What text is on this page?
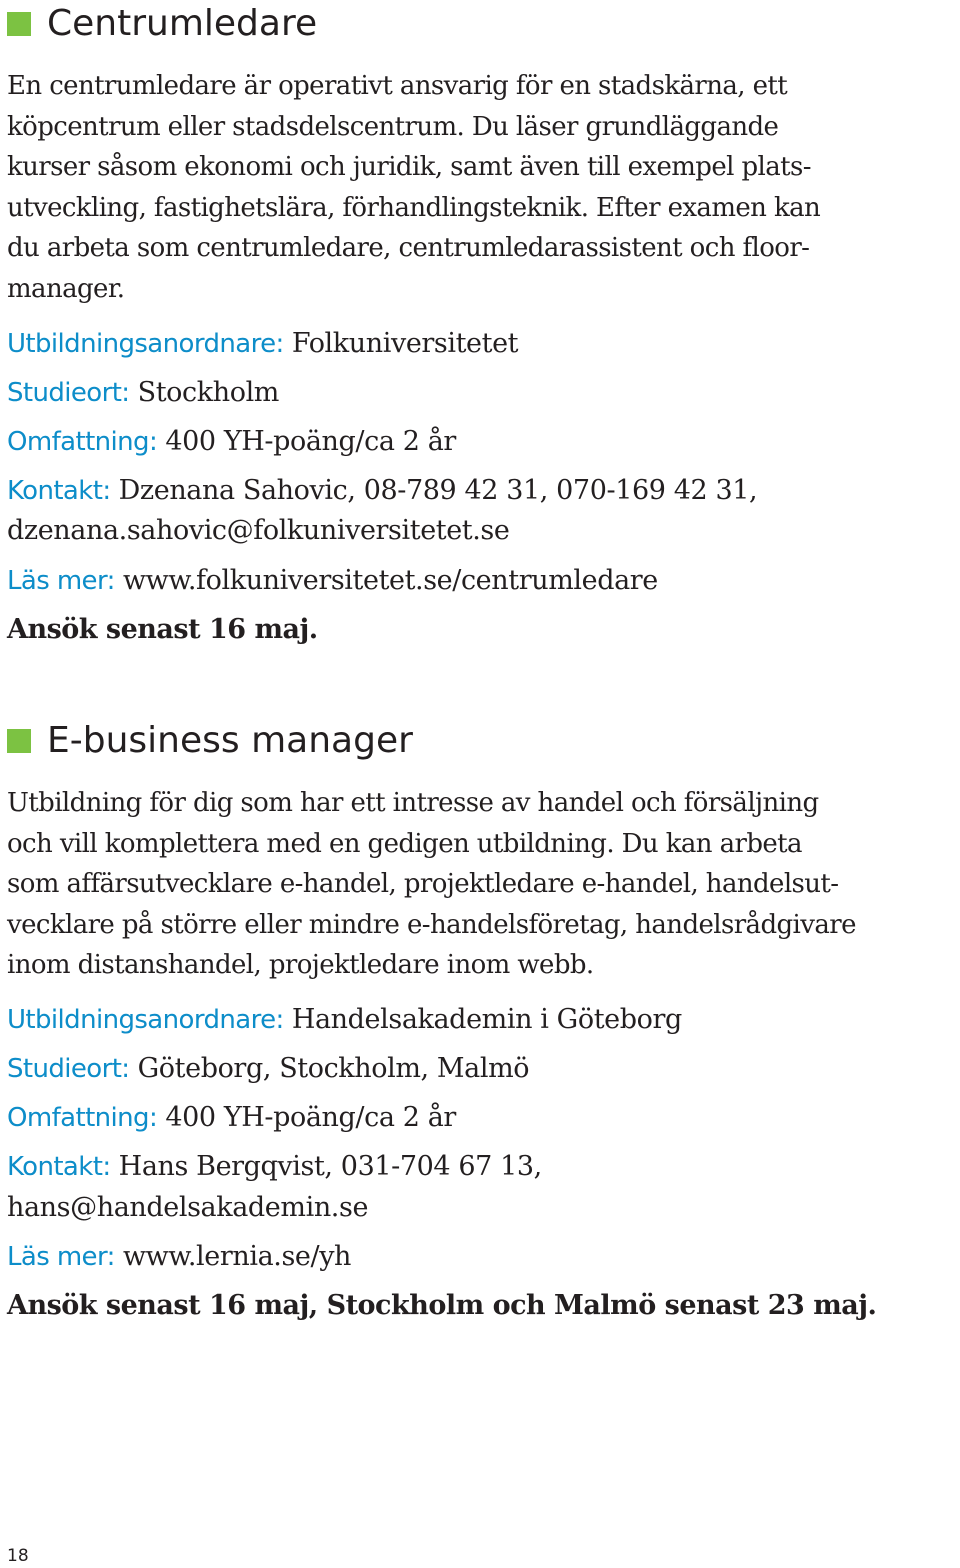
Centrumledare
En centrumledare är operativt ansvarig för en stadskärna, ett
köpcentrum eller stadsdelscentrum. Du läser grundläggande
kurser såsom ekonomi och juridik, samt även till exempel plats-
utveckling, fastighetslära, förhandlingsteknik. Efter examen kan
du arbeta som centrumledare, centrumledarassistent och floor-
manager.
Utbildningsanordnare: Folkuniversitetet
Studieort: Stockholm
Omfattning: 400 YH-poäng/ca 2 år
Kontakt: Dzenana Sahovic, 08-789 42 31, 070-169 42 31,
dzenana.sahovic@folkuniversitetet.se
Läs mer: www.folkuniversitetet.se/centrumledare
Ansök senast 16 maj.
E-business manager
Utbildning för dig som har ett intresse av handel och försäljning
och vill komplettera med en gedigen utbildning. Du kan arbeta
som affärsutvecklare e-handel, projektledare e-handel, handelsut-
vecklare på större eller mindre e-handelsföretag, handelsrådgivare
inom distanshandel, projektledare inom webb.
Utbildningsanordnare: Handelsakademin i Göteborg
Studieort: Göteborg, Stockholm, Malmö
Omfattning: 400 YH-poäng/ca 2 år
Kontakt: Hans Bergqvist, 031-704 67 13,
hans@handelsakademin.se
Läs mer: www.lernia.se/yh
Ansök senast 16 maj, Stockholm och Malmö senast 23 maj.
18
